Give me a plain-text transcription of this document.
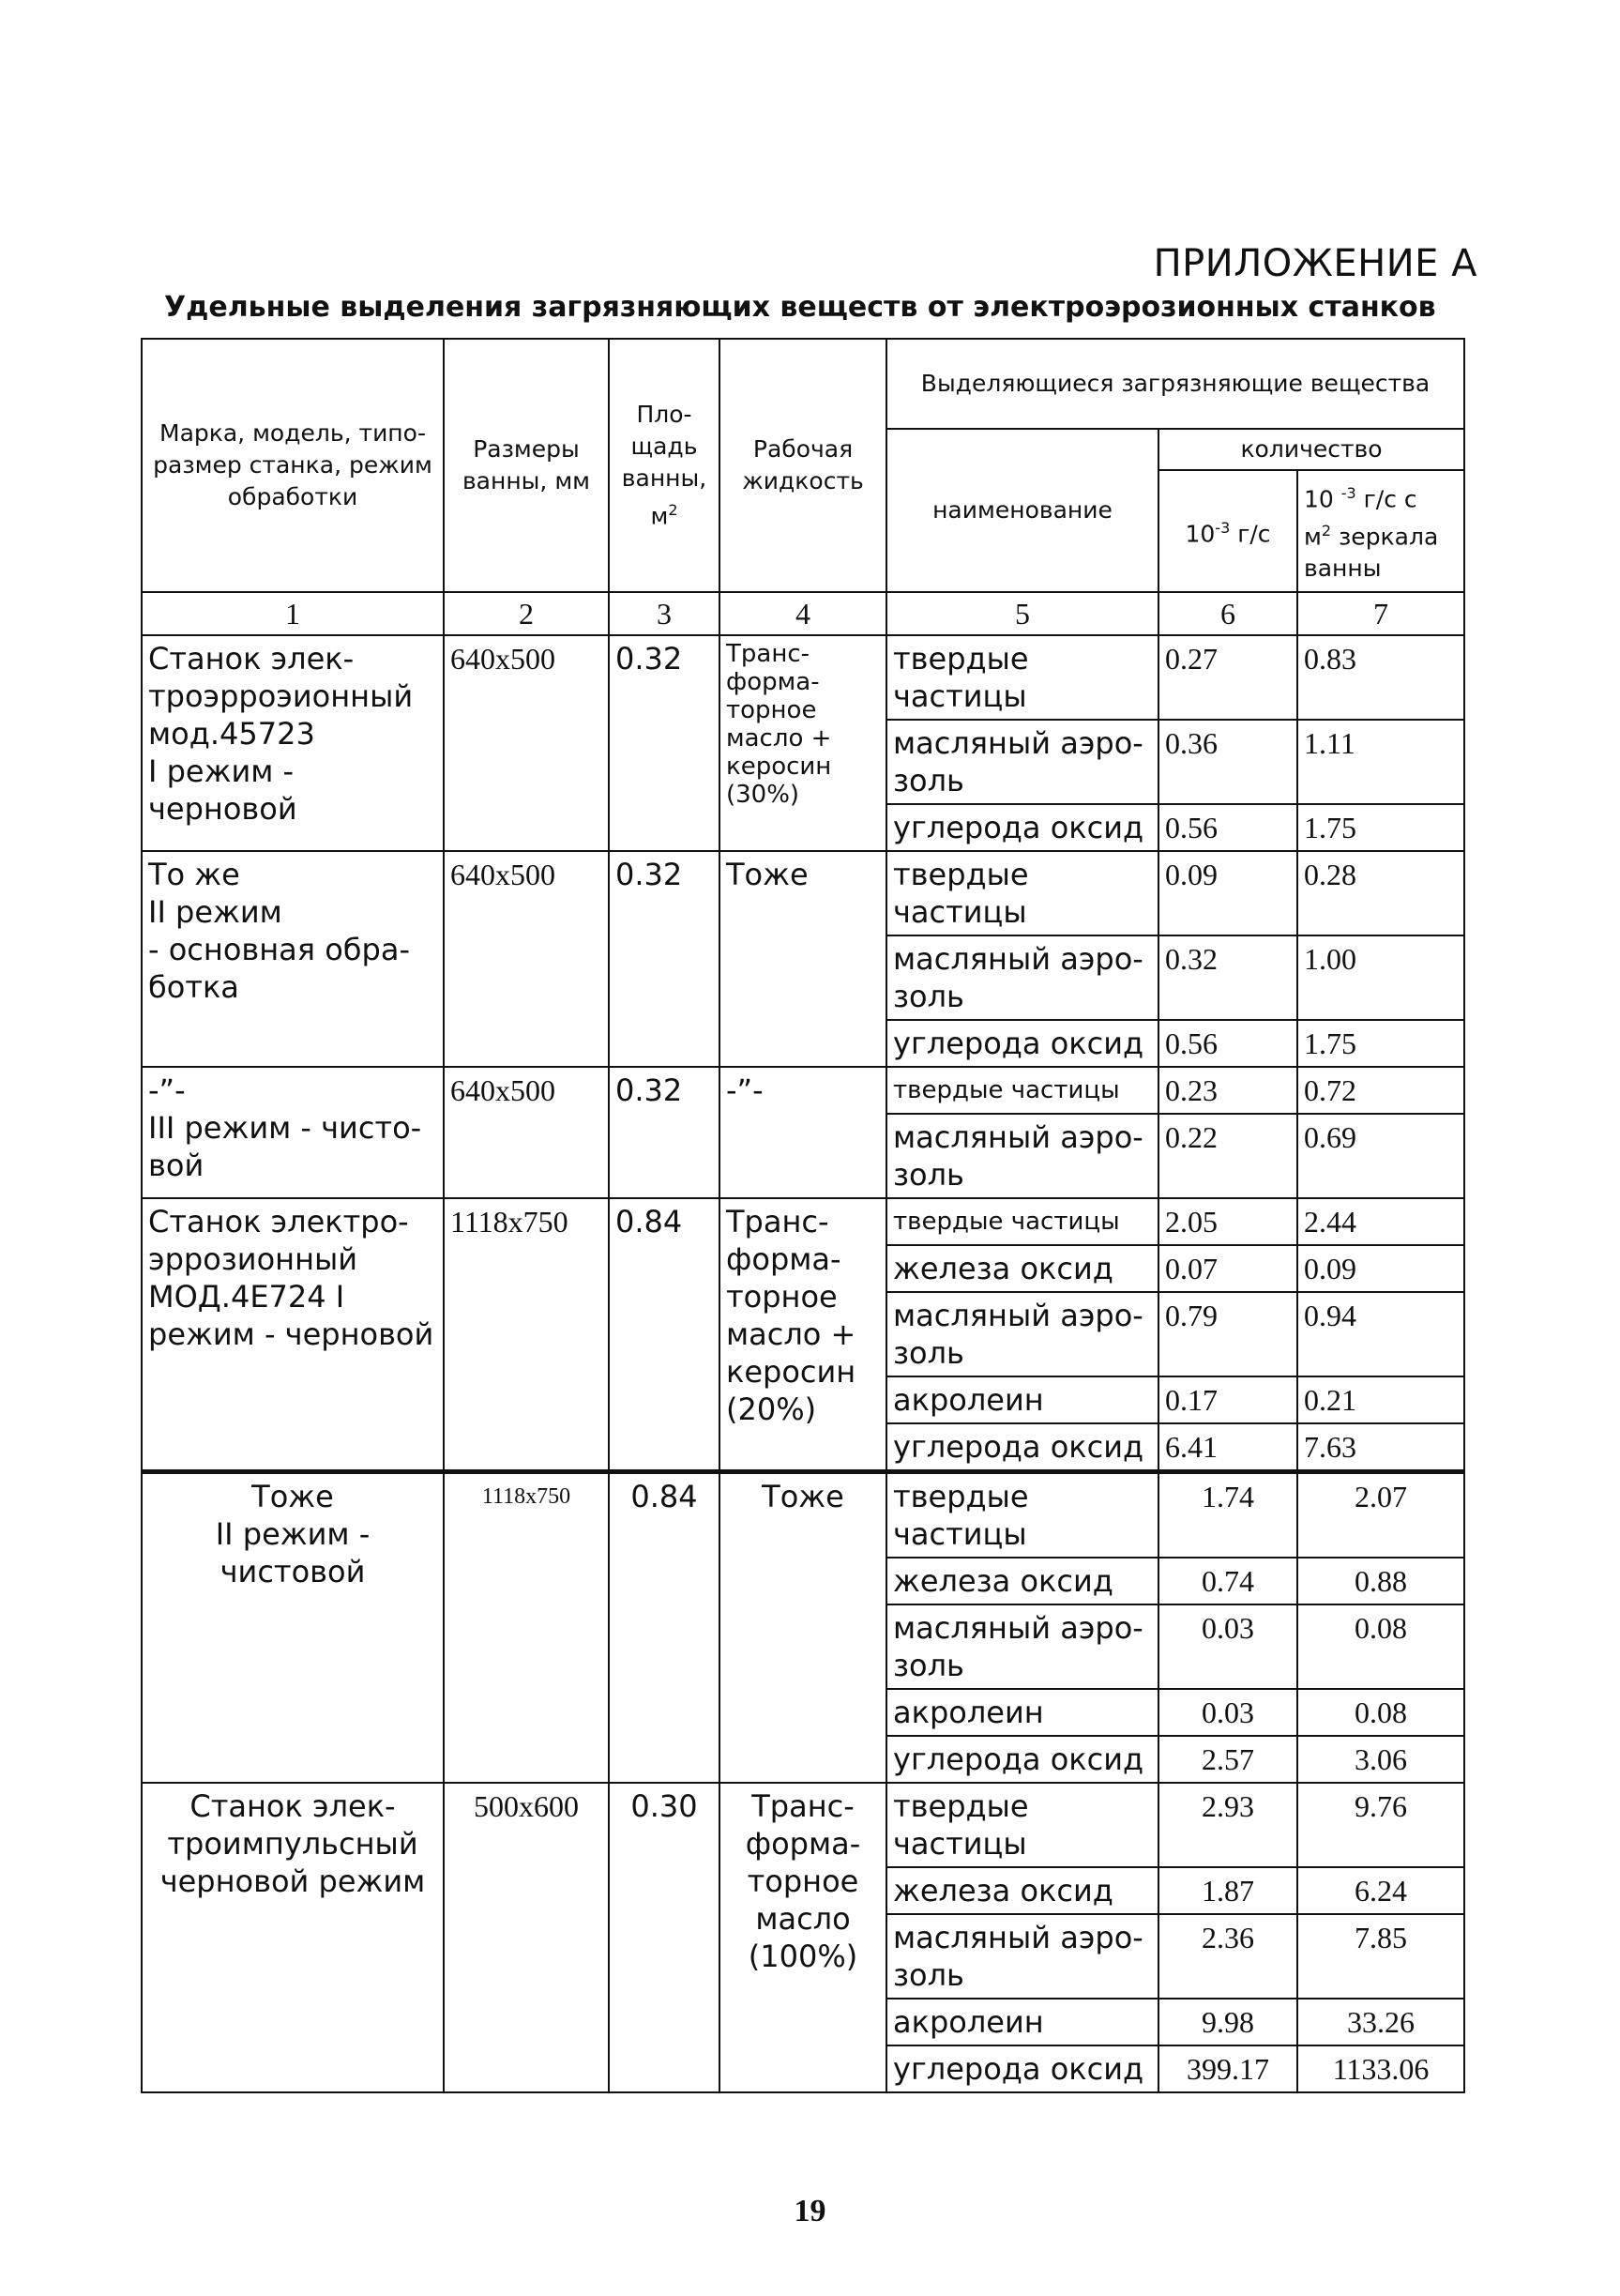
ПРИЛОЖЕНИЕ А
Удельные выделения загрязняющих веществ от электроэрозионных станков
Марка, модель, типо-размер станка, режим обработки	Размеры ванны, мм	Пло-щадь ванны,
$м^2$	Рабочая жидкость	Выделяющиеся загрязняющие вещества		
				наименование	количество	
					$10^{-3}$ г/с	10 $^{-3}$ г/с с
$м^2$ зеркала ванны
1	2	3	4	5	6	7

Станок элек-троэрроэионный мод.45723
I режим - черновой	640x500	0.32	Транс-форма-торное масло + керосин (30%)	твердые частицы	0.27	0.83
				масляный аэро-золь	0.36	1.11
				углерода оксид	0.56	1.75

То же
II режим
- основная обра-ботка	640x500	0.32	Тоже	твердые частицы	0.09	0.28
				масляный аэро-золь	0.32	1.00
				углерода оксид	0.56	1.75

-”-
III режим - чисто-вой	640x500	0.32	-”-	твердые частицы	0.23	0.72
				масляный аэро-золь	0.22	0.69

Станок электро-эррозионный МОД.4Е724 I режим - черновой	1118x750	0.84	Транс-форма-торное масло + керосин (20%)	твердые частицы	2.05	2.44
				железа оксид	0.07	0.09
				масляный аэро-золь	0.79	0.94
				акролеин	0.17	0.21
				углерода оксид	6.41	7.63

Тоже
II режим -
чистовой	1118x750	0.84	Тоже	твердые частицы	1.74	2.07
				железа оксид	0.74	0.88
				масляный аэро-золь	0.03	0.08
				акролеин	0.03	0.08
				углерода оксид	2.57	3.06

Станок элек-троимпульсный черновой режим	500x600	0.30	Транс-форма-торное масло (100%)	твердые частицы	2.93	9.76
				железа оксид	1.87	6.24
				масляный аэро-золь	2.36	7.85
				акролеин	9.98	33.26
				углерода оксид	399.17	1133.06
19
